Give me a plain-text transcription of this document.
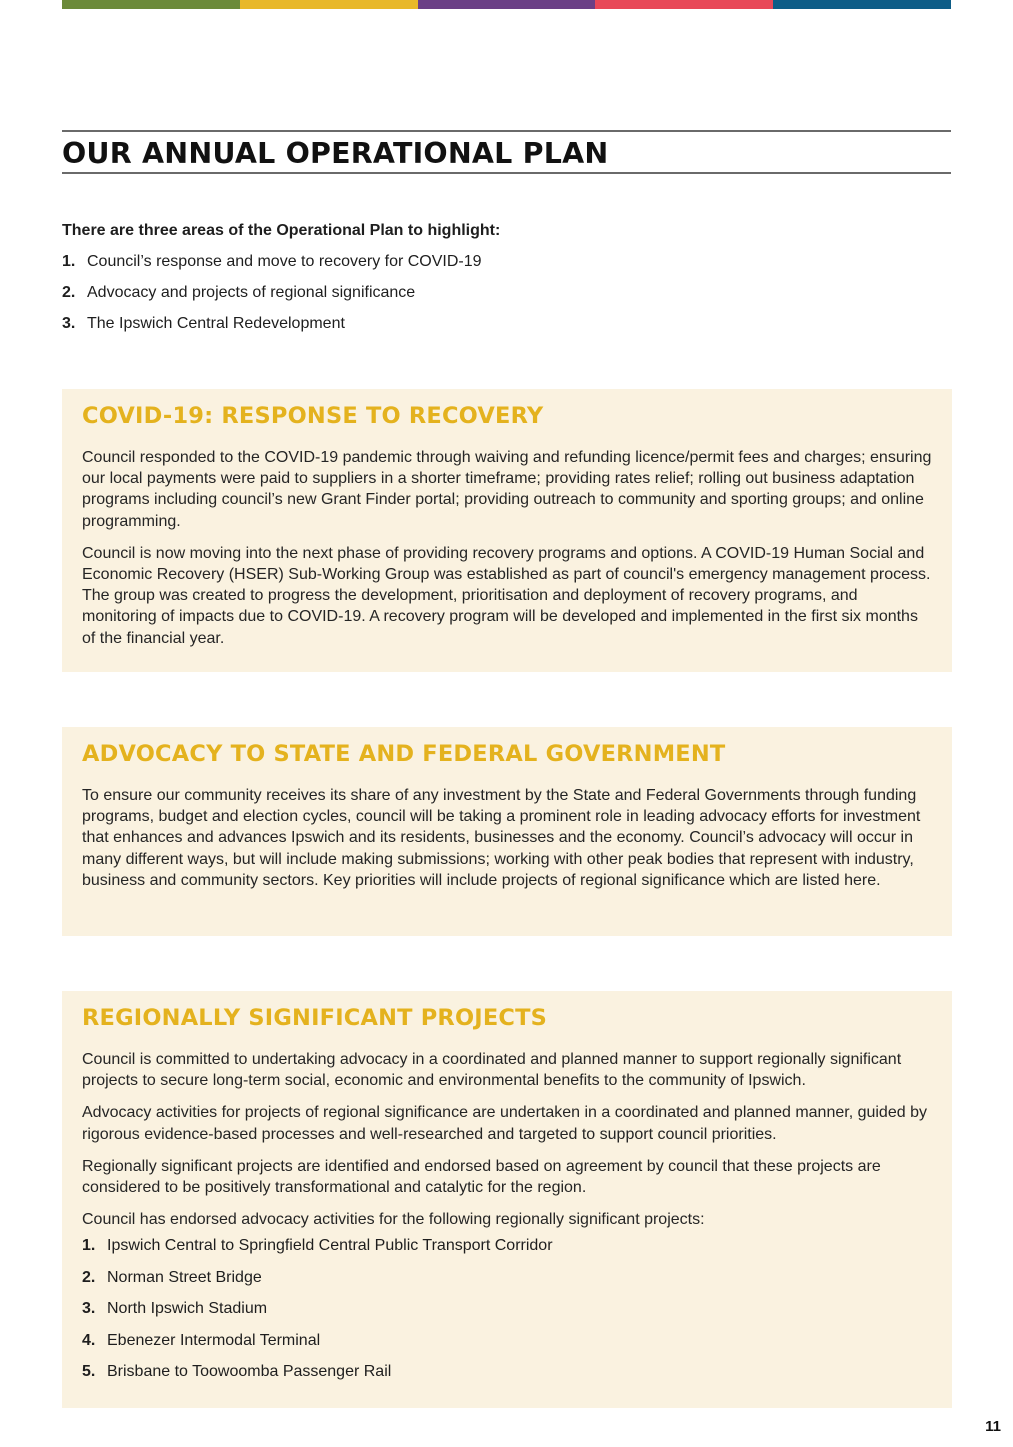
OUR ANNUAL OPERATIONAL PLAN

There are three areas of the Operational Plan to highlight:

1. Council’s response and move to recovery for COVID-19
2. Advocacy and projects of regional significance
3. The Ipswich Central Redevelopment
COVID-19: RESPONSE TO RECOVERY

Council responded to the COVID-19 pandemic through waiving and refunding licence/permit fees and charges; ensuring our local payments were paid to suppliers in a shorter timeframe; providing rates relief; rolling out business adaptation programs including council’s new Grant Finder portal; providing outreach to community and sporting groups; and online programming.

Council is now moving into the next phase of providing recovery programs and options. A COVID-19 Human Social and Economic Recovery (HSER) Sub-Working Group was established as part of council's emergency management process. The group was created to progress the development, prioritisation and deployment of recovery programs, and monitoring of impacts due to COVID-19. A recovery program will be developed and implemented in the first six months of the financial year.

ADVOCACY TO STATE AND FEDERAL GOVERNMENT

To ensure our community receives its share of any investment by the State and Federal Governments through funding programs, budget and election cycles, council will be taking a prominent role in leading advocacy efforts for investment that enhances and advances Ipswich and its residents, businesses and the economy. Council’s advocacy will occur in many different ways, but will include making submissions; working with other peak bodies that represent with industry, business and community sectors. Key priorities will include projects of regional significance which are listed here.

REGIONALLY SIGNIFICANT PROJECTS

Council is committed to undertaking advocacy in a coordinated and planned manner to support regionally significant projects to secure long-term social, economic and environmental benefits to the community of Ipswich.

Advocacy activities for projects of regional significance are undertaken in a coordinated and planned manner, guided by rigorous evidence-based processes and well-researched and targeted to support council priorities.

Regionally significant projects are identified and endorsed based on agreement by council that these projects are considered to be positively transformational and catalytic for the region.

Council has endorsed advocacy activities for the following regionally significant projects:

1. Ipswich Central to Springfield Central Public Transport Corridor
2. Norman Street Bridge
3. North Ipswich Stadium
4. Ebenezer Intermodal Terminal
5. Brisbane to Toowoomba Passenger Rail
11
